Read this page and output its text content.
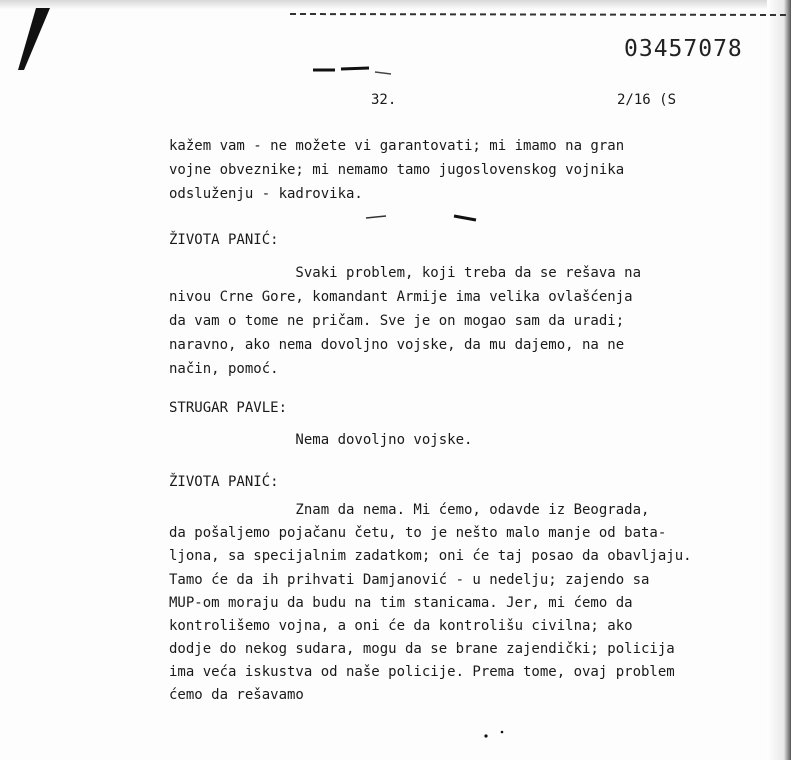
03457078
32.	2/16 (S
kažem vam - ne možete vi garantovati; mi imamo na gran
vojne obveznike; mi nemamo tamo jugoslovenskog vojnika
odsluženju - kadrovika.
ŽIVOTA PANIĆ:
Svaki problem, koji treba da se rešava na
nivou Crne Gore, komandant Armije ima velika ovlašćenja
da vam o tome ne pričam. Sve je on mogao sam da uradi;
naravno, ako nema dovoljno vojske, da mu dajemo, na ne
način, pomoć.
STRUGAR PAVLE:
Nema dovoljno vojske.
ŽIVOTA PANIĆ:
Znam da nema. Mi ćemo, odavde iz Beograda,
da pošaljemo pojačanu četu, to je nešto malo manje od bata-
ljona, sa specijalnim zadatkom; oni će taj posao da obavljaju.
Tamo će da ih prihvati Damjanović - u nedelju; zajendo sa
MUP-om moraju da budu na tim stanicama. Jer, mi ćemo da
kontrolišemo vojna, a oni će da kontrolišu civilna; ako
dodje do nekog sudara, mogu da se brane zajendički; policija
ima veća iskustva od naše policije. Prema tome, ovaj problem
ćemo da rešavamo
